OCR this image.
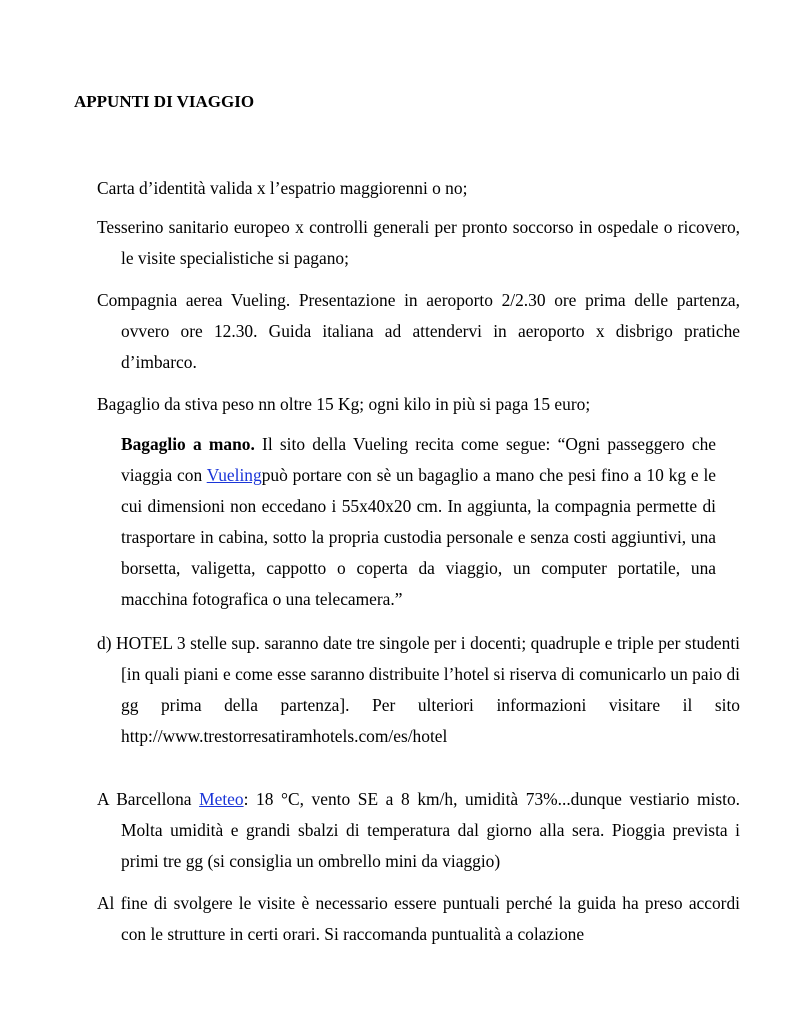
APPUNTI DI VIAGGIO

Carta d’identità valida x l’espatrio maggiorenni o no;

Tesserino sanitario europeo x controlli generali per pronto soccorso in ospedale o ricovero, le visite specialistiche si pagano;

Compagnia aerea Vueling. Presentazione in aeroporto 2/2.30 ore prima delle partenza, ovvero ore 12.30. Guida italiana ad attendervi in aeroporto x disbrigo pratiche d’imbarco.

Bagaglio da stiva peso nn oltre 15 Kg; ogni kilo in più si paga 15 euro;

Bagaglio a mano. Il sito della Vueling recita come segue: “Ogni passeggero che viaggia con Vuelingpuò portare con sè un bagaglio a mano che pesi fino a 10 kg e le cui dimensioni non eccedano i 55x40x20 cm. In aggiunta, la compagnia permette di trasportare in cabina, sotto la propria custodia personale e senza costi aggiuntivi, una borsetta, valigetta, cappotto o coperta da viaggio, un computer portatile, una macchina fotografica o una telecamera.”

d) HOTEL 3 stelle sup. saranno date tre singole per i docenti; quadruple e triple per studenti [in quali piani e come esse saranno distribuite l’hotel si riserva di comunicarlo un paio di gg prima della partenza]. Per ulteriori informazioni visitare il sito http://www.trestorresatiramhotels.com/es/hotel

A Barcellona Meteo: 18 °C, vento SE a 8 km/h, umidità 73%...dunque vestiario misto. Molta umidità e grandi sbalzi di temperatura dal giorno alla sera. Pioggia prevista i primi tre gg (si consiglia un ombrello mini da viaggio)

Al fine di svolgere le visite è necessario essere puntuali perché la guida ha preso accordi con le strutture in certi orari. Si raccomanda puntualità a colazione
